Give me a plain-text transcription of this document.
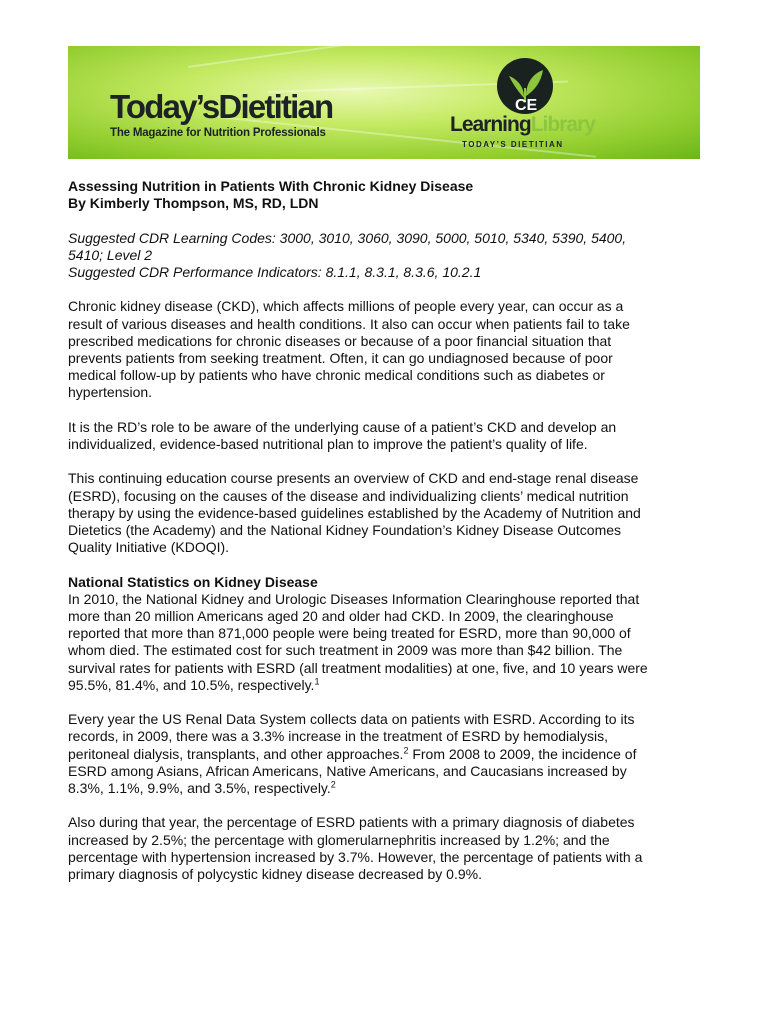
Today’sDietitian
The Magazine for Nutrition Professionals
CE
LearningLibrary
TODAY’S DIETITIAN

Assessing Nutrition in Patients With Chronic Kidney Disease

By Kimberly Thompson, MS, RD, LDN

Suggested CDR Learning Codes: 3000, 3010, 3060, 3090, 5000, 5010, 5340, 5390, 5400,

5410; Level 2

Suggested CDR Performance Indicators: 8.1.1, 8.3.1, 8.3.6, 10.2.1

Chronic kidney disease (CKD), which affects millions of people every year, can occur as a

result of various diseases and health conditions. It also can occur when patients fail to take

prescribed medications for chronic diseases or because of a poor financial situation that

prevents patients from seeking treatment. Often, it can go undiagnosed because of poor

medical follow-up by patients who have chronic medical conditions such as diabetes or

hypertension.

It is the RD’s role to be aware of the underlying cause of a patient’s CKD and develop an

individualized, evidence-based nutritional plan to improve the patient’s quality of life.

This continuing education course presents an overview of CKD and end-stage renal disease

(ESRD), focusing on the causes of the disease and individualizing clients’ medical nutrition

therapy by using the evidence-based guidelines established by the Academy of Nutrition and

Dietetics (the Academy) and the National Kidney Foundation’s Kidney Disease Outcomes

Quality Initiative (KDOQI).

National Statistics on Kidney Disease

In 2010, the National Kidney and Urologic Diseases Information Clearinghouse reported that

more than 20 million Americans aged 20 and older had CKD. In 2009, the clearinghouse

reported that more than 871,000 people were being treated for ESRD, more than 90,000 of

whom died. The estimated cost for such treatment in 2009 was more than $42 billion. The

survival rates for patients with ESRD (all treatment modalities) at one, five, and 10 years were

95.5%, 81.4%, and 10.5%, respectively.$^1$

Every year the US Renal Data System collects data on patients with ESRD. According to its

records, in 2009, there was a 3.3% increase in the treatment of ESRD by hemodialysis,

peritoneal dialysis, transplants, and other approaches.$^2$ From 2008 to 2009, the incidence of

ESRD among Asians, African Americans, Native Americans, and Caucasians increased by

8.3%, 1.1%, 9.9%, and 3.5%, respectively.$^2$

Also during that year, the percentage of ESRD patients with a primary diagnosis of diabetes

increased by 2.5%; the percentage with glomerularnephritis increased by 1.2%; and the

percentage with hypertension increased by 3.7%. However, the percentage of patients with a

primary diagnosis of polycystic kidney disease decreased by 0.9%.
